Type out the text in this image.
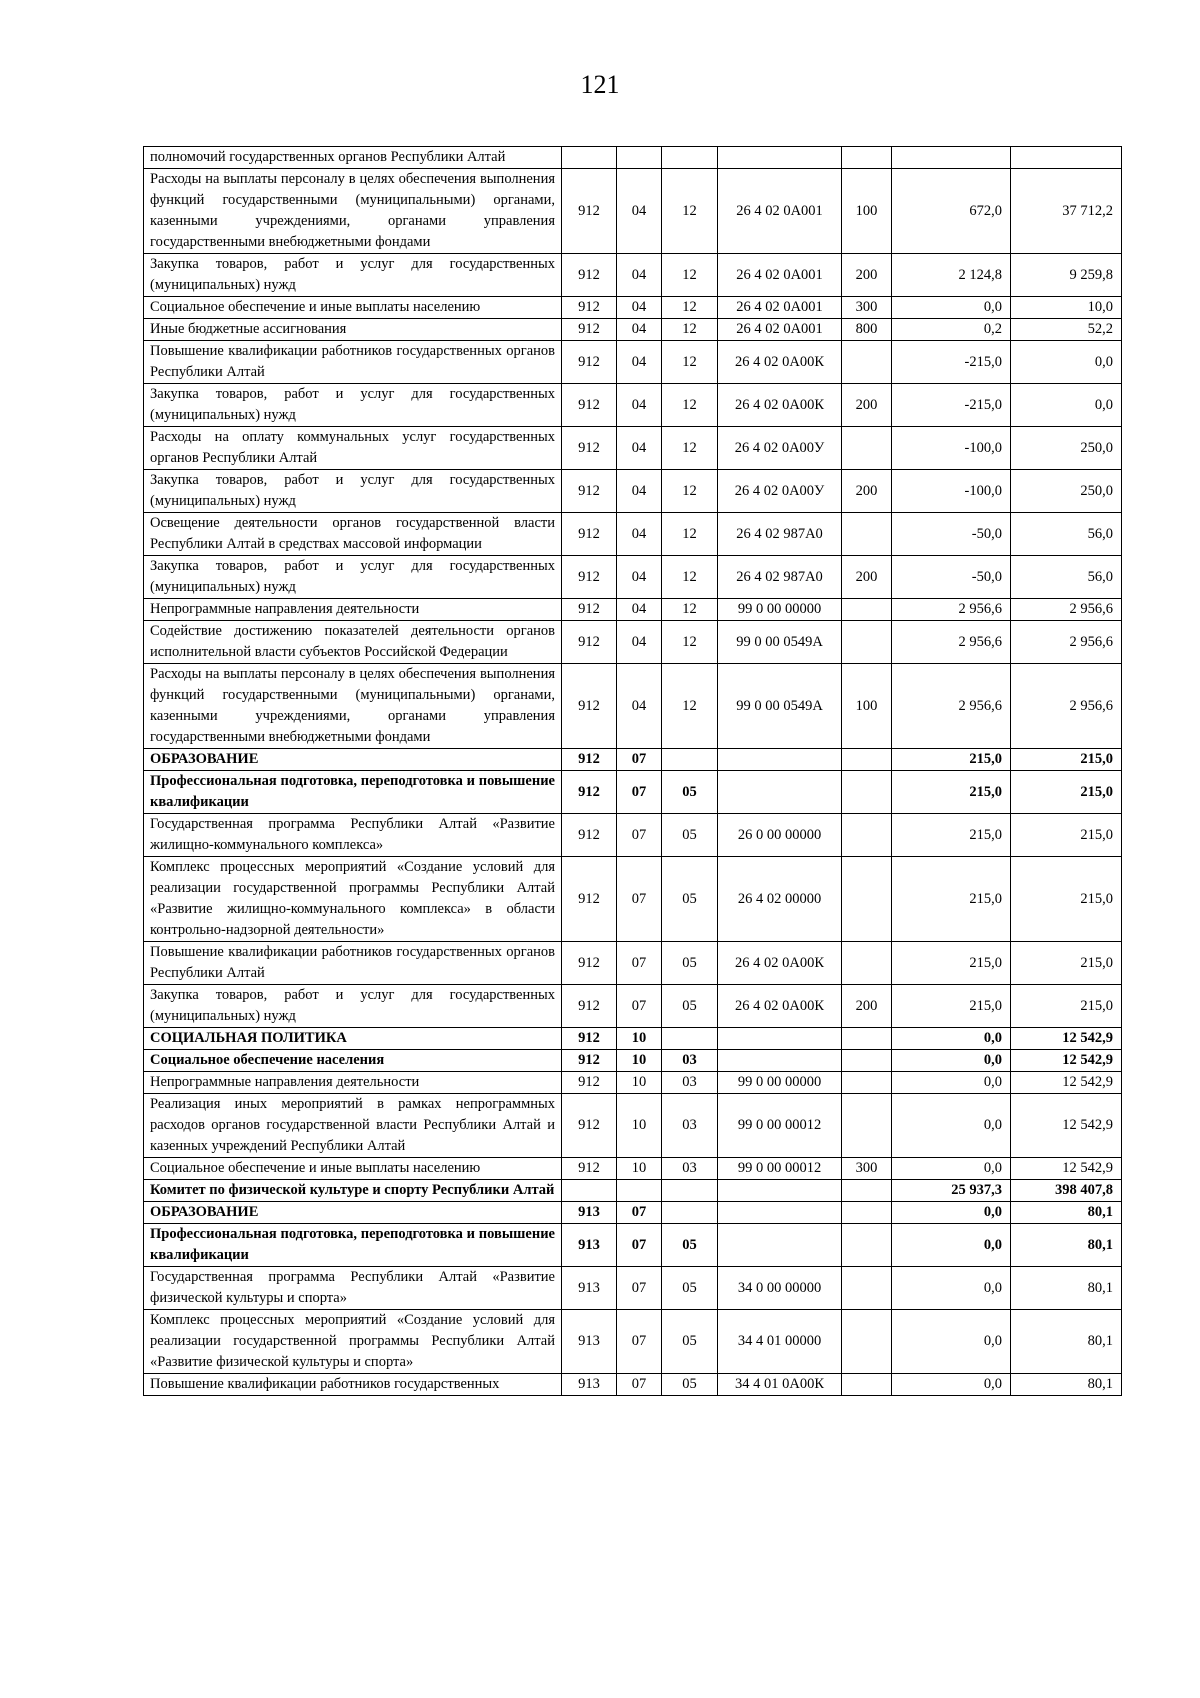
121
полномочий государственных органов Республики Алтай							
Расходы на выплаты персоналу в целях обеспечения выполнения функций государственными (муниципальными) органами, казенными учреждениями, органами управления государственными внебюджетными фондами	912	04	12	26 4 02 0А001	100	672,0	37 712,2
Закупка товаров, работ и услуг для государственных (муниципальных) нужд	912	04	12	26 4 02 0А001	200	2 124,8	9 259,8
Социальное обеспечение и иные выплаты населению	912	04	12	26 4 02 0А001	300	0,0	10,0
Иные бюджетные ассигнования	912	04	12	26 4 02 0А001	800	0,2	52,2
Повышение квалификации работников государственных органов Республики Алтай	912	04	12	26 4 02 0А00К		-215,0	0,0
Закупка товаров, работ и услуг для государственных (муниципальных) нужд	912	04	12	26 4 02 0А00К	200	-215,0	0,0
Расходы на оплату коммунальных услуг государственных органов Республики Алтай	912	04	12	26 4 02 0А00У		-100,0	250,0
Закупка товаров, работ и услуг для государственных (муниципальных) нужд	912	04	12	26 4 02 0А00У	200	-100,0	250,0
Освещение деятельности органов государственной власти Республики Алтай в средствах массовой информации	912	04	12	26 4 02 987А0		-50,0	56,0
Закупка товаров, работ и услуг для государственных (муниципальных) нужд	912	04	12	26 4 02 987А0	200	-50,0	56,0
Непрограммные направления деятельности	912	04	12	99 0 00 00000		2 956,6	2 956,6
Содействие достижению показателей деятельности органов исполнительной власти субъектов Российской Федерации	912	04	12	99 0 00 0549А		2 956,6	2 956,6
Расходы на выплаты персоналу в целях обеспечения выполнения функций государственными (муниципальными) органами, казенными учреждениями, органами управления государственными внебюджетными фондами	912	04	12	99 0 00 0549А	100	2 956,6	2 956,6
ОБРАЗОВАНИЕ	912	07				215,0	215,0
Профессиональная подготовка, переподготовка и повышение квалификации	912	07	05			215,0	215,0
Государственная программа Республики Алтай «Развитие жилищно-коммунального комплекса»	912	07	05	26 0 00 00000		215,0	215,0
Комплекс процессных мероприятий «Создание условий для реализации государственной программы Республики Алтай «Развитие жилищно-коммунального комплекса» в области контрольно-надзорной деятельности»	912	07	05	26 4 02 00000		215,0	215,0
Повышение квалификации работников государственных органов Республики Алтай	912	07	05	26 4 02 0А00К		215,0	215,0
Закупка товаров, работ и услуг для государственных (муниципальных) нужд	912	07	05	26 4 02 0А00К	200	215,0	215,0
СОЦИАЛЬНАЯ ПОЛИТИКА	912	10				0,0	12 542,9
Социальное обеспечение населения	912	10	03			0,0	12 542,9
Непрограммные направления деятельности	912	10	03	99 0 00 00000		0,0	12 542,9
Реализация иных мероприятий в рамках непрограммных расходов органов государственной власти Республики Алтай и казенных учреждений Республики Алтай	912	10	03	99 0 00 00012		0,0	12 542,9
Социальное обеспечение и иные выплаты населению	912	10	03	99 0 00 00012	300	0,0	12 542,9
Комитет по физической культуре и спорту Республики Алтай						25 937,3	398 407,8
ОБРАЗОВАНИЕ	913	07				0,0	80,1
Профессиональная подготовка, переподготовка и повышение квалификации	913	07	05			0,0	80,1
Государственная программа Республики Алтай «Развитие физической культуры и спорта»	913	07	05	34 0 00 00000		0,0	80,1
Комплекс процессных мероприятий «Создание условий для реализации государственной программы Республики Алтай «Развитие физической культуры и спорта»	913	07	05	34 4 01 00000		0,0	80,1
Повышение квалификации работников государственных	913	07	05	34 4 01 0А00К		0,0	80,1
